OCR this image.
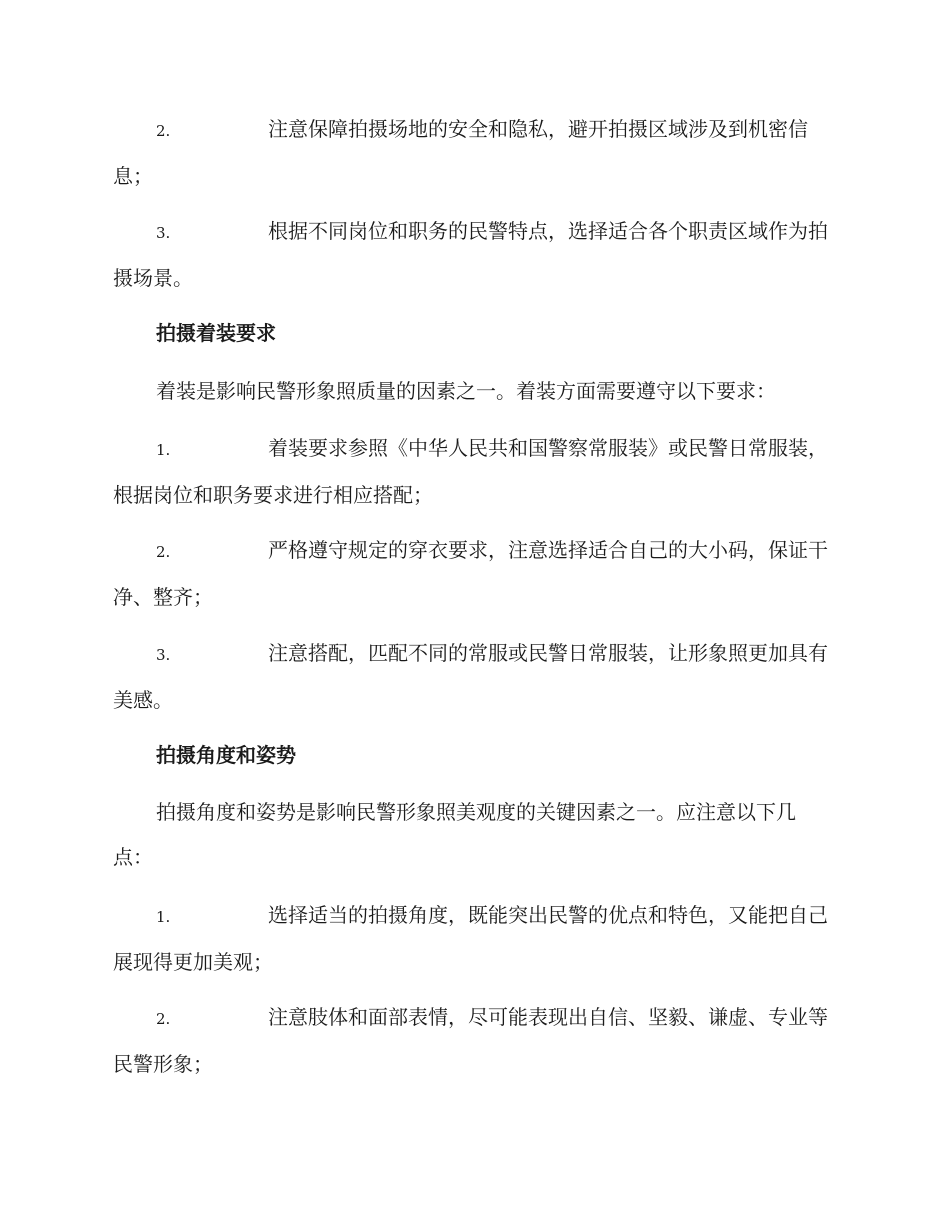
2.	注意保障拍摄场地的安全和隐私，避开拍摄区域涉及到机密信息；

3.	根据不同岗位和职务的民警特点，选择适合各个职责区域作为拍摄场景。

拍摄着装要求

着装是影响民警形象照质量的因素之一。着装方面需要遵守以下要求：

1.	着装要求参照《中华人民共和国警察常服装》或民警日常服装，根据岗位和职务要求进行相应搭配；

2.	严格遵守规定的穿衣要求，注意选择适合自己的大小码，保证干净、整齐；

3.	注意搭配，匹配不同的常服或民警日常服装，让形象照更加具有美感。

拍摄角度和姿势

拍摄角度和姿势是影响民警形象照美观度的关键因素之一。应注意以下几点：

1.	选择适当的拍摄角度，既能突出民警的优点和特色，又能把自己展现得更加美观；

2.	注意肢体和面部表情，尽可能表现出自信、坚毅、谦虚、专业等民警形象；
